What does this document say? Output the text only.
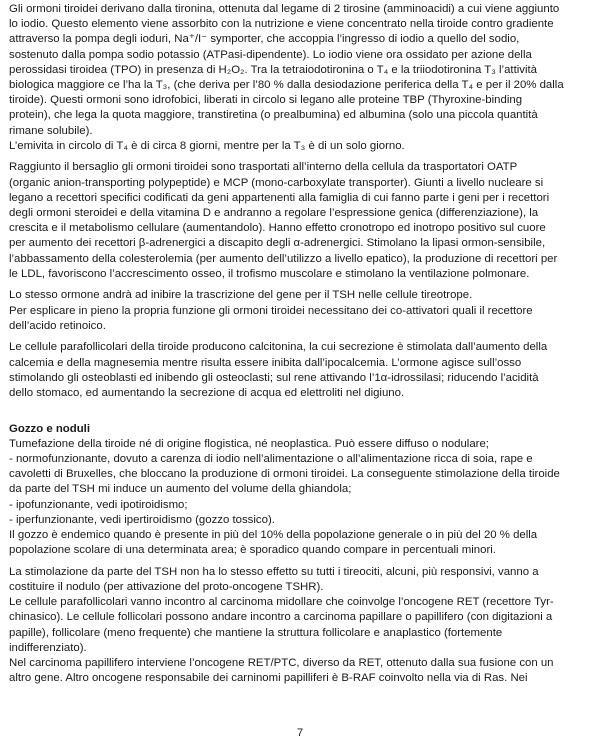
Gli ormoni tiroidei derivano dalla tironina, ottenuta dal legame di 2 tirosine (amminoacidi) a cui viene aggiunto
lo iodio. Questo elemento viene assorbito con la nutrizione e viene concentrato nella tiroide contro gradiente
attraverso la pompa degli ioduri, Na⁺/I⁻ symporter, che accoppia l’ingresso di iodio a quello del sodio,
sostenuto dalla pompa sodio potassio (ATPasi-dipendente). Lo iodio viene ora ossidato per azione della
perossidasi tiroidea (TPO) in presenza di H₂O₂. Tra la tetraiodotironina o T₄ e la triiodotironina T₃ l’attività
biologica maggiore ce l’ha la T₃, (che deriva per l’80 % dalla desiodazione periferica della T₄ e per il 20% dalla
tiroide). Questi ormoni sono idrofobici, liberati in circolo si legano alle proteine TBP (Thyroxine-binding
protein), che lega la quota maggiore, transtiretina (o prealbumina) ed albumina (solo una piccola quantità
rimane solubile).
L’emivita in circolo di T₄ è di circa 8 giorni, mentre per la T₃ è di un solo giorno.
Raggiunto il bersaglio gli ormoni tiroidei sono trasportati all’interno della cellula da trasportatori OATP
(organic anion-transporting polypeptide) e MCP (mono-carboxylate transporter). Giunti a livello nucleare si
legano a recettori specifici codificati da geni appartenenti alla famiglia di cui fanno parte i geni per i recettori
degli ormoni steroidei e della vitamina D e andranno a regolare l’espressione genica (differenziazione), la
crescita e il metabolismo cellulare (aumentandolo). Hanno effetto cronotropo ed inotropo positivo sul cuore
per aumento dei recettori β-adrenergici a discapito degli α-adrenergici. Stimolano la lipasi ormon-sensibile,
l’abbassamento della colesterolemia (per aumento dell’utilizzo a livello epatico), la produzione di recettori per
le LDL, favoriscono l’accrescimento osseo, il trofismo muscolare e stimolano la ventilazione polmonare.
Lo stesso ormone andrà ad inibire la trascrizione del gene per il TSH nelle cellule tireotrope.
Per esplicare in pieno la propria funzione gli ormoni tiroidei necessitano dei co-attivatori quali il recettore
dell’acido retinoico.
Le cellule parafollicolari della tiroide producono calcitonina, la cui secrezione è stimolata dall’aumento della
calcemia e della magnesemia mentre risulta essere inibita dall’ipocalcemia. L’ormone agisce sull’osso
stimolando gli osteoblasti ed inibendo gli osteoclasti; sul rene attivando l’1α-idrossilasi; riducendo l’acidità
dello stomaco, ed aumentando la secrezione di acqua ed elettroliti nel digiuno.
Gozzo e noduli
Tumefazione della tiroide né di origine flogistica, né neoplastica. Può essere diffuso o nodulare;
- normofunzionante, dovuto a carenza di iodio nell’alimentazione o all’alimentazione ricca di soia, rape e
cavoletti di Bruxelles, che bloccano la produzione di ormoni tiroidei. La conseguente stimolazione della tiroide
da parte del TSH mi induce un aumento del volume della ghiandola;
- ipofunzionante, vedi ipotiroidismo;
- iperfunzionante, vedi ipertiroidismo (gozzo tossico).
Il gozzo è endemico quando è presente in più del 10% della popolazione generale o in più del 20 % della
popolazione scolare di una determinata area; è sporadico quando compare in percentuali minori.
La stimolazione da parte del TSH non ha lo stesso effetto su tutti i tireociti, alcuni, più responsivi, vanno a
costituire il nodulo (per attivazione del proto-oncogene TSHR).
Le cellule parafollicolari vanno incontro al carcinoma midollare che coinvolge l’oncogene RET (recettore Tyr-
chinasico). Le cellule follicolari possono andare incontro a carcinoma papillare o papillifero (con digitazioni a
papille), follicolare (meno frequente) che mantiene la struttura follicolare e anaplastico (fortemente
indifferenziato).
Nel carcinoma papillifero interviene l’oncogene RET/PTC, diverso da RET, ottenuto dalla sua fusione con un
altro gene. Altro oncogene responsabile dei carninomi papilliferi è B-RAF coinvolto nella via di Ras. Nei
7
